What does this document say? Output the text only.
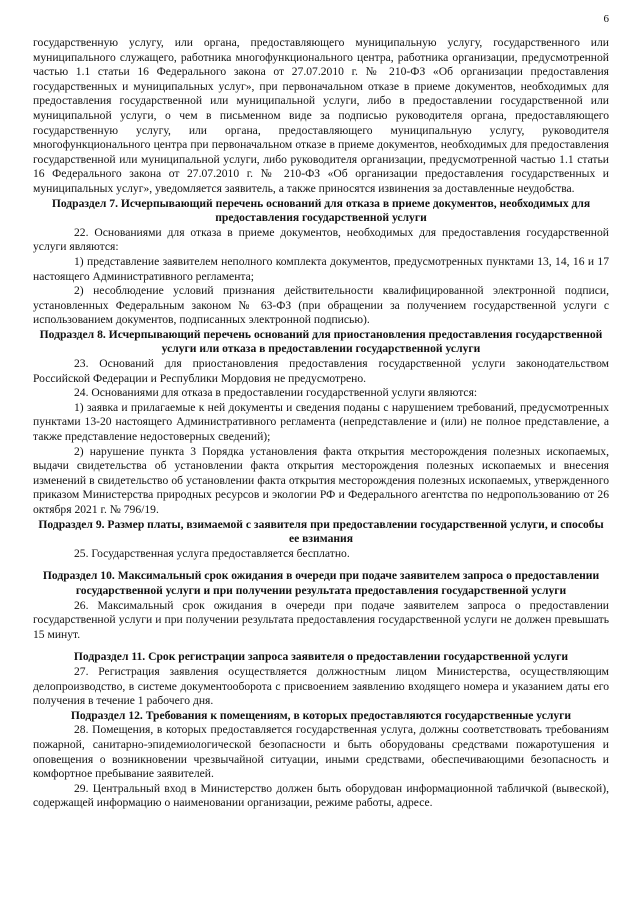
6

государственную услугу, или органа, предоставляющего муниципальную услугу, государственного или муниципального служащего, работника многофункционального центра, работника организации, предусмотренной частью 1.1 статьи 16 Федерального закона от 27.07.2010 г. № 210-ФЗ «Об организации предоставления государственных и муниципальных услуг», при первоначальном отказе в приеме документов, необходимых для предоставления государственной или муниципальной услуги, либо в предоставлении государственной или муниципальной услуги, о чем в письменном виде за подписью руководителя органа, предоставляющего государственную услугу, или органа, предоставляющего муниципальную услугу, руководителя многофункционального центра при первоначальном отказе в приеме документов, необходимых для предоставления государственной или муниципальной услуги, либо руководителя организации, предусмотренной частью 1.1 статьи 16 Федерального закона от 27.07.2010 г. № 210-ФЗ «Об организации предоставления государственных и муниципальных услуг», уведомляется заявитель, а также приносятся извинения за доставленные неудобства.

Подраздел 7. Исчерпывающий перечень оснований для отказа в приеме документов, необходимых для предоставления государственной услуги

22. Основаниями для отказа в приеме документов, необходимых для предоставления государственной услуги являются:

1) представление заявителем неполного комплекта документов, предусмотренных пунктами 13, 14, 16 и 17 настоящего Административного регламента;

2) несоблюдение условий признания действительности квалифицированной электронной подписи, установленных Федеральным законом № 63-ФЗ (при обращении за получением государственной услуги с использованием документов, подписанных электронной подписью).

Подраздел 8. Исчерпывающий перечень оснований для приостановления предоставления государственной услуги или отказа в предоставлении государственной услуги

23. Оснований для приостановления предоставления государственной услуги законодательством Российской Федерации и Республики Мордовия не предусмотрено.

24. Основаниями для отказа в предоставлении государственной услуги являются:

1) заявка и прилагаемые к ней документы и сведения поданы с нарушением требований, предусмотренных пунктами 13-20 настоящего Административного регламента (непредставление и (или) не полное представление, а также представление недостоверных сведений);

2) нарушение пункта 3 Порядка установления факта открытия месторождения полезных ископаемых, выдачи свидетельства об установлении факта открытия месторождения полезных ископаемых и внесения изменений в свидетельство об установлении факта открытия месторождения полезных ископаемых, утвержденного приказом Министерства природных ресурсов и экологии РФ и Федерального агентства по недропользованию от 26 октября 2021 г. № 796/19.

Подраздел 9. Размер платы, взимаемой с заявителя при предоставлении государственной услуги, и способы ее взимания

25. Государственная услуга предоставляется бесплатно.

Подраздел 10. Максимальный срок ожидания в очереди при подаче заявителем запроса о предоставлении государственной услуги и при получении результата предоставления государственной услуги

26. Максимальный срок ожидания в очереди при подаче заявителем запроса о предоставлении государственной услуги и при получении результата предоставления государственной услуги не должен превышать 15 минут.

Подраздел 11. Срок регистрации запроса заявителя о предоставлении государственной услуги

27. Регистрация заявления осуществляется должностным лицом Министерства, осуществляющим делопроизводство, в системе документооборота с присвоением заявлению входящего номера и указанием даты его получения в течение 1 рабочего дня.

Подраздел 12. Требования к помещениям, в которых предоставляются государственные услуги

28. Помещения, в которых предоставляется государственная услуга, должны соответствовать требованиям пожарной, санитарно-эпидемиологической безопасности и быть оборудованы средствами пожаротушения и оповещения о возникновении чрезвычайной ситуации, иными средствами, обеспечивающими безопасность и комфортное пребывание заявителей.

29. Центральный вход в Министерство должен быть оборудован информационной табличкой (вывеской), содержащей информацию о наименовании организации, режиме работы, адресе.
